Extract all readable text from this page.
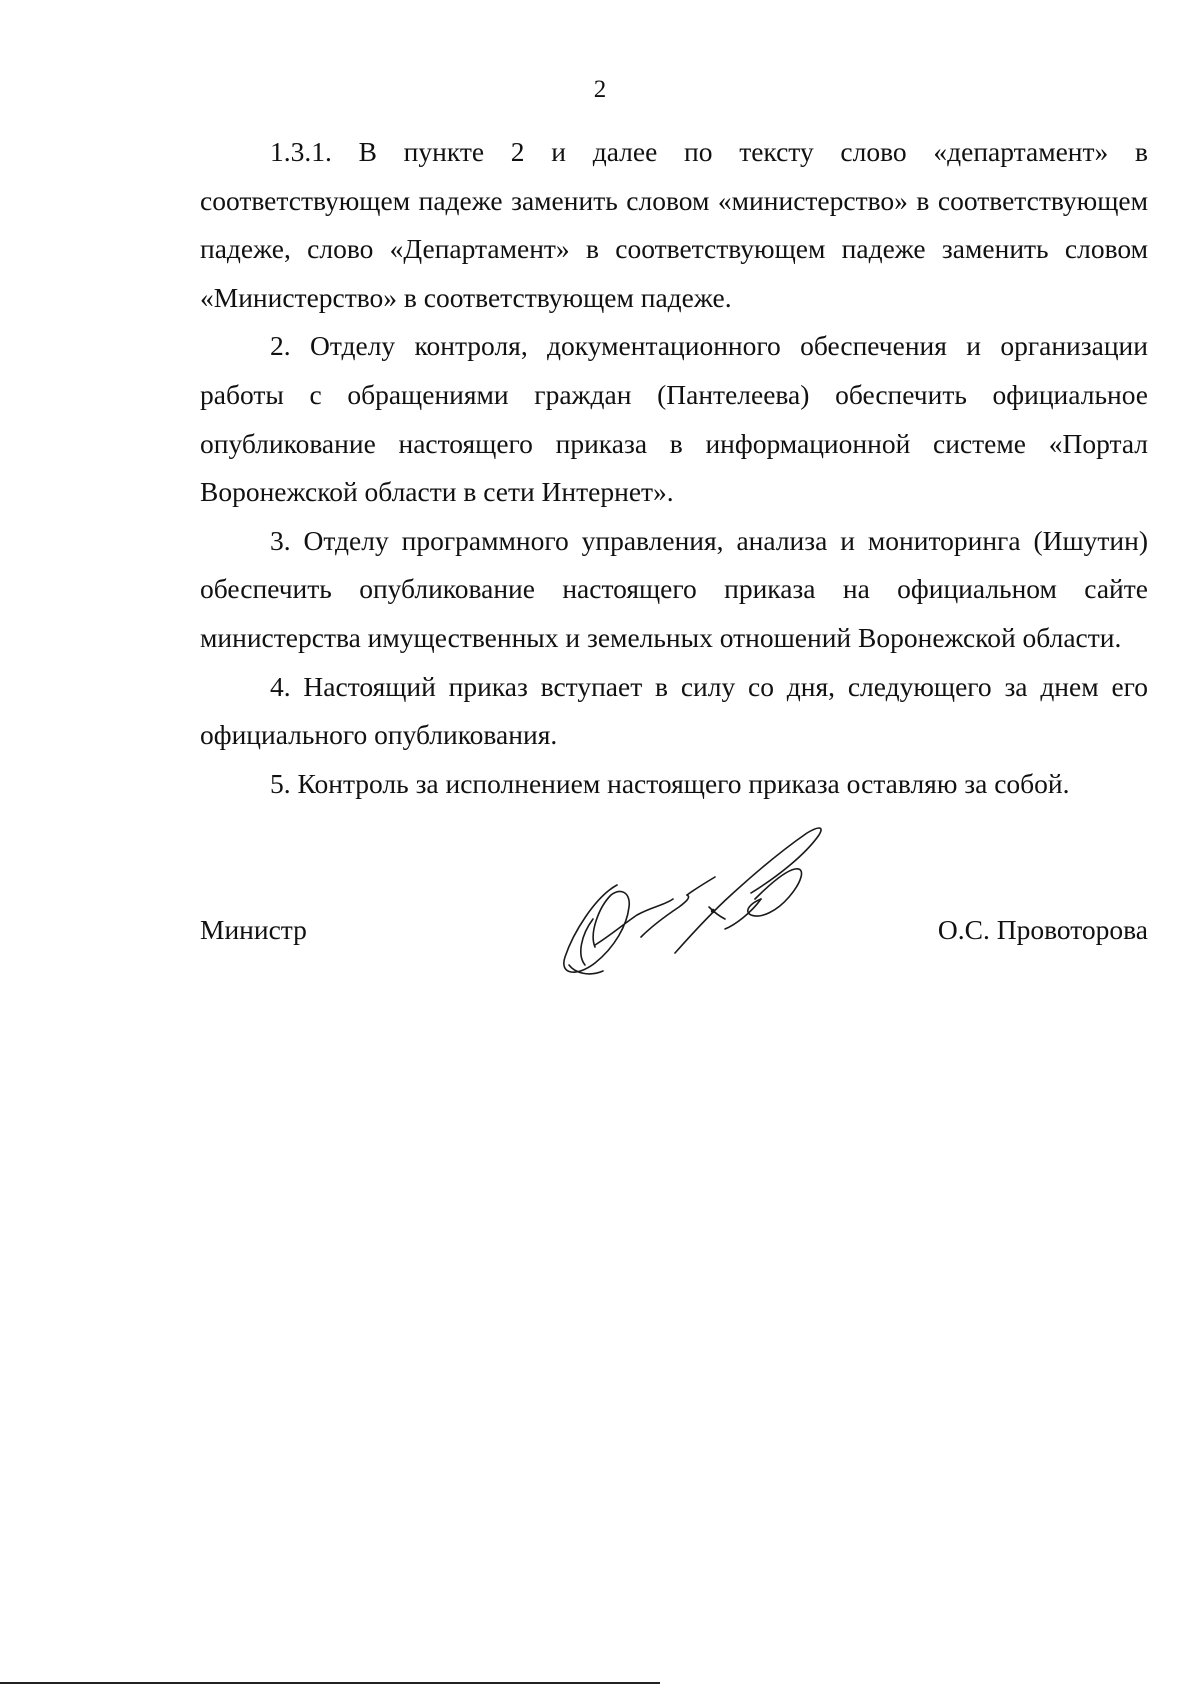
2

1.3.1. В пункте 2 и далее по тексту слово «департамент» в соответствующем падеже заменить словом «министерство» в соответствующем падеже, слово «Департамент» в соответствующем падеже заменить словом «Министерство» в соответствующем падеже.

2. Отделу контроля, документационного обеспечения и организации работы с обращениями граждан (Пантелеева) обеспечить официальное опубликование настоящего приказа в информационной системе «Портал Воронежской области в сети Интернет».

3. Отделу программного управления, анализа и мониторинга (Ишутин) обеспечить опубликование настоящего приказа на официальном сайте министерства имущественных и земельных отношений Воронежской области.

4. Настоящий приказ вступает в силу со дня, следующего за днем его официального опубликования.

5. Контроль за исполнением настоящего приказа оставляю за собой.

Министр	О.С. Провоторова
